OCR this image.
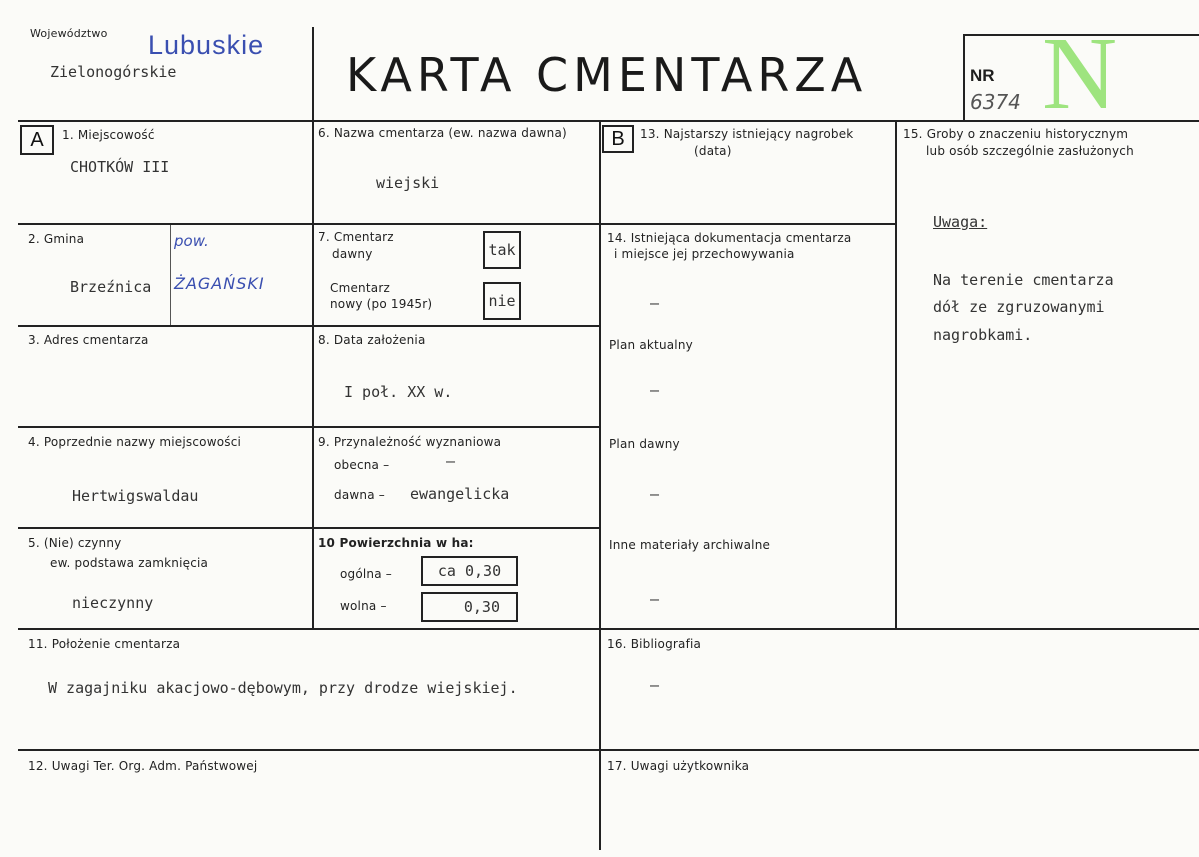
Województwo Lubuskie
Zielonogórskie	KARTA CMENTARZA	NR
6374 N
A	B
1. Miejscowość
CHOTKÓW III
2. Gmina
Brzeźnica
pow.
ŻAGAŃSKI
3. Adres cmentarza
4. Poprzednie nazwy miejscowości
Hertwigswaldau
5. (Nie) czynny
ew. podstawa zamknięcia
nieczynny
6. Nazwa cmentarza (ew. nazwa dawna)
wiejski
7. Cmentarz
dawny	tak
Cmentarz
nowy (po 1945r)	nie
8. Data założenia
I poł. XX w.
9. Przynależność wyznaniowa
obecna –	–
dawna – ewangelicka
10 Powierzchnia w ha:
ogólna –	ca 0,30
wolna –	0,30
11. Położenie cmentarza
W zagajniku akacjowo-dębowym, przy drodze wiejskiej.
12. Uwagi Ter. Org. Adm. Państwowej
13. Najstarszy istniejący nagrobek
(data)
14. Istniejąca dokumentacja cmentarza
i miejsce jej przechowywania
–
Plan aktualny
–
Plan dawny
–
Inne materiały archiwalne
–
15. Groby o znaczeniu historycznym
lub osób szczególnie zasłużonych
Uwaga:
Na terenie cmentarza
dół ze zgruzowanymi
nagrobkami.
16. Bibliografia
–
17. Uwagi użytkownika
